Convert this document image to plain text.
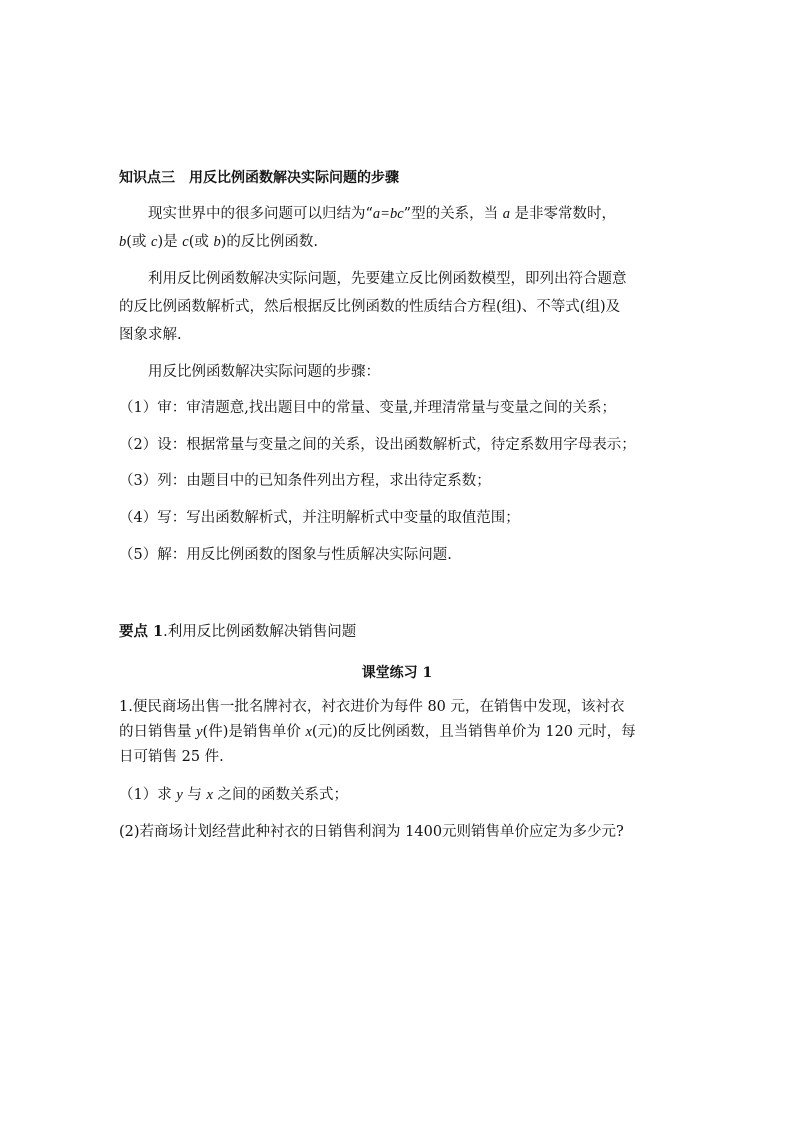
知识点三　用反比例函数解决实际问题的步骤
现实世界中的很多问题可以归结为“a=bc”型的关系，当 a 是非零常数时，
b(或 c)是 c(或 b)的反比例函数.
利用反比例函数解决实际问题，先要建立反比例函数模型，即列出符合题意
的反比例函数解析式，然后根据反比例函数的性质结合方程(组)、不等式(组)及
图象求解.
用反比例函数解决实际问题的步骤：
（1）审：审清题意,找出题目中的常量、变量,并理清常量与变量之间的关系；
（2）设：根据常量与变量之间的关系，设出函数解析式，待定系数用字母表示；
（3）列：由题目中的已知条件列出方程，求出待定系数；
（4）写：写出函数解析式，并注明解析式中变量的取值范围；
（5）解：用反比例函数的图象与性质解决实际问题.
要点 1.利用反比例函数解决销售问题
课堂练习 1
1.便民商场出售一批名牌衬衣，衬衣进价为每件 80 元，在销售中发现，该衬衣
的日销售量 y(件)是销售单价 x(元)的反比例函数，且当销售单价为 120 元时，每
日可销售 25 件.
（1）求 y 与 x 之间的函数关系式；
(2)若商场计划经营此种衬衣的日销售利润为 1400元则销售单价应定为多少元?
